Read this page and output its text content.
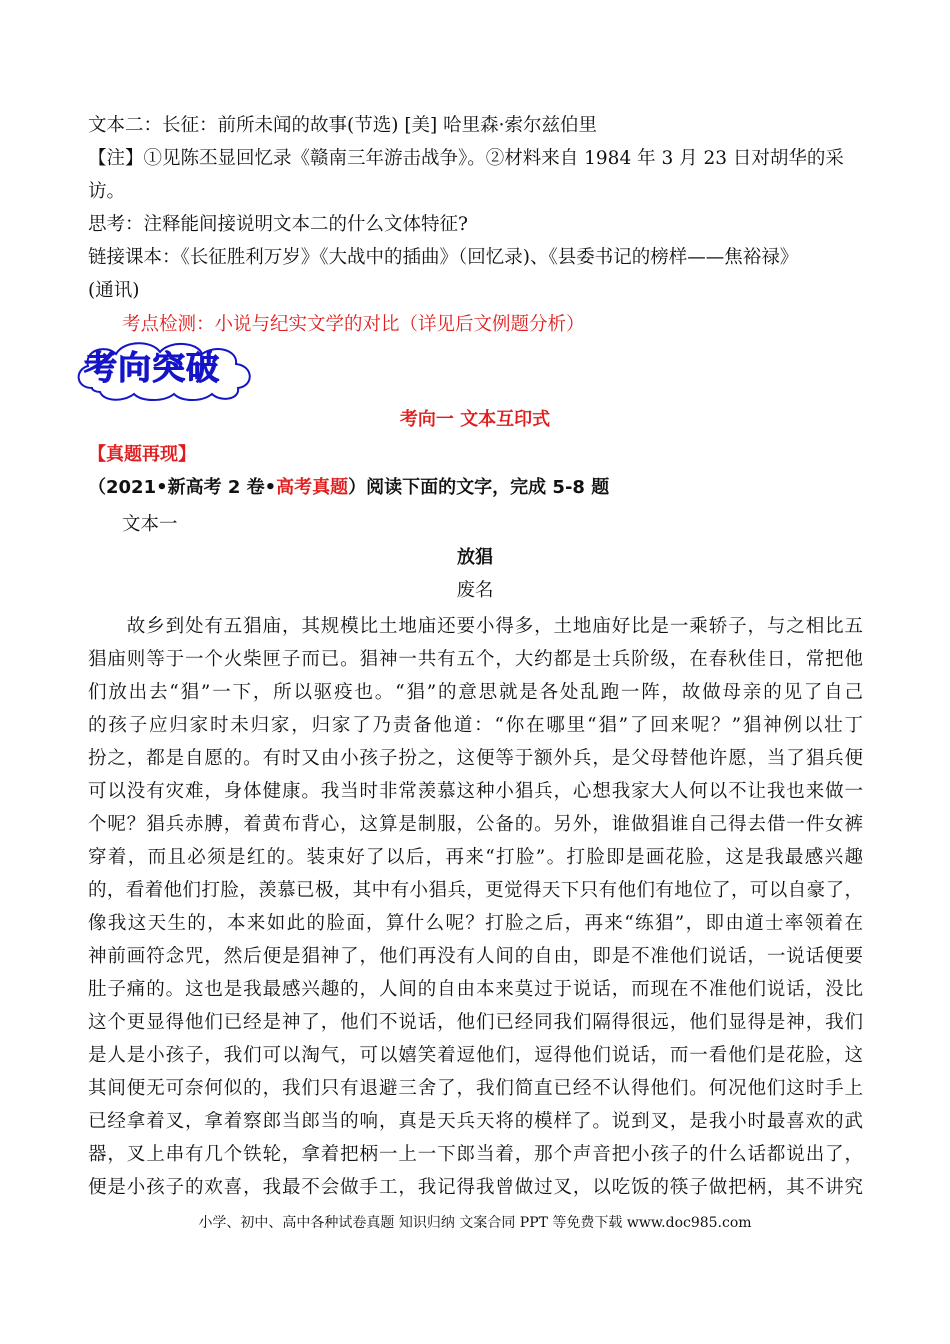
文本二：长征：前所未闻的故事(节选) [美] 哈里森·索尔兹伯里
【注】①见陈丕显回忆录《赣南三年游击战争》。②材料来自 1984 年 3 月 23 日对胡华的采
访。
思考：注释能间接说明文本二的什么文体特征?
链接课本：《长征胜利万岁》《大战中的插曲》（回忆录)、《县委书记的榜样——焦裕禄》
(通讯)
考点检测：小说与纪实文学的对比（详见后文例题分析）
考向突破
考向一 文本互印式
【真题再现】
（2021•新高考 2 卷•高考真题）阅读下面的文字，完成 5-8 题
文本一
放猖
废名
　　故乡到处有五猖庙，其规模比土地庙还要小得多，土地庙好比是一乘轿子，与之相比五
猖庙则等于一个火柴匣子而已。猖神一共有五个，大约都是士兵阶级，在春秋佳日，常把他
们放出去“猖”一下，所以驱疫也。“猖”的意思就是各处乱跑一阵，故做母亲的见了自己
的孩子应归家时未归家，归家了乃责备他道：“你在哪里“猖”了回来呢？”猖神例以壮丁
扮之，都是自愿的。有时又由小孩子扮之，这便等于额外兵，是父母替他许愿，当了猖兵便
可以没有灾难，身体健康。我当时非常羡慕这种小猖兵，心想我家大人何以不让我也来做一
个呢？猖兵赤膊，着黄布背心，这算是制服，公备的。另外，谁做猖谁自己得去借一件女裤
穿着，而且必须是红的。装束好了以后，再来“打脸”。打脸即是画花脸，这是我最感兴趣
的，看着他们打脸，羡慕已极，其中有小猖兵，更觉得天下只有他们有地位了，可以自豪了，
像我这天生的，本来如此的脸面，算什么呢？打脸之后，再来“练猖”，即由道士率领着在
神前画符念咒，然后便是猖神了，他们再没有人间的自由，即是不准他们说话，一说话便要
肚子痛的。这也是我最感兴趣的，人间的自由本来莫过于说话，而现在不准他们说话，没比
这个更显得他们已经是神了，他们不说话，他们已经同我们隔得很远，他们显得是神，我们
是人是小孩子，我们可以淘气，可以嬉笑着逗他们，逗得他们说话，而一看他们是花脸，这
其间便无可奈何似的，我们只有退避三舍了，我们简直已经不认得他们。何况他们这时手上
已经拿着叉，拿着察郎当郎当的响，真是天兵天将的模样了。说到叉，是我小时最喜欢的武
器，叉上串有几个铁轮，拿着把柄一上一下郎当着，那个声音把小孩子的什么话都说出了，
便是小孩子的欢喜，我最不会做手工，我记得我曾做过叉，以吃饭的筷子做把柄，其不讲究
小学、初中、高中各种试卷真题 知识归纳 文案合同 PPT 等免费下载 www.doc985.com
